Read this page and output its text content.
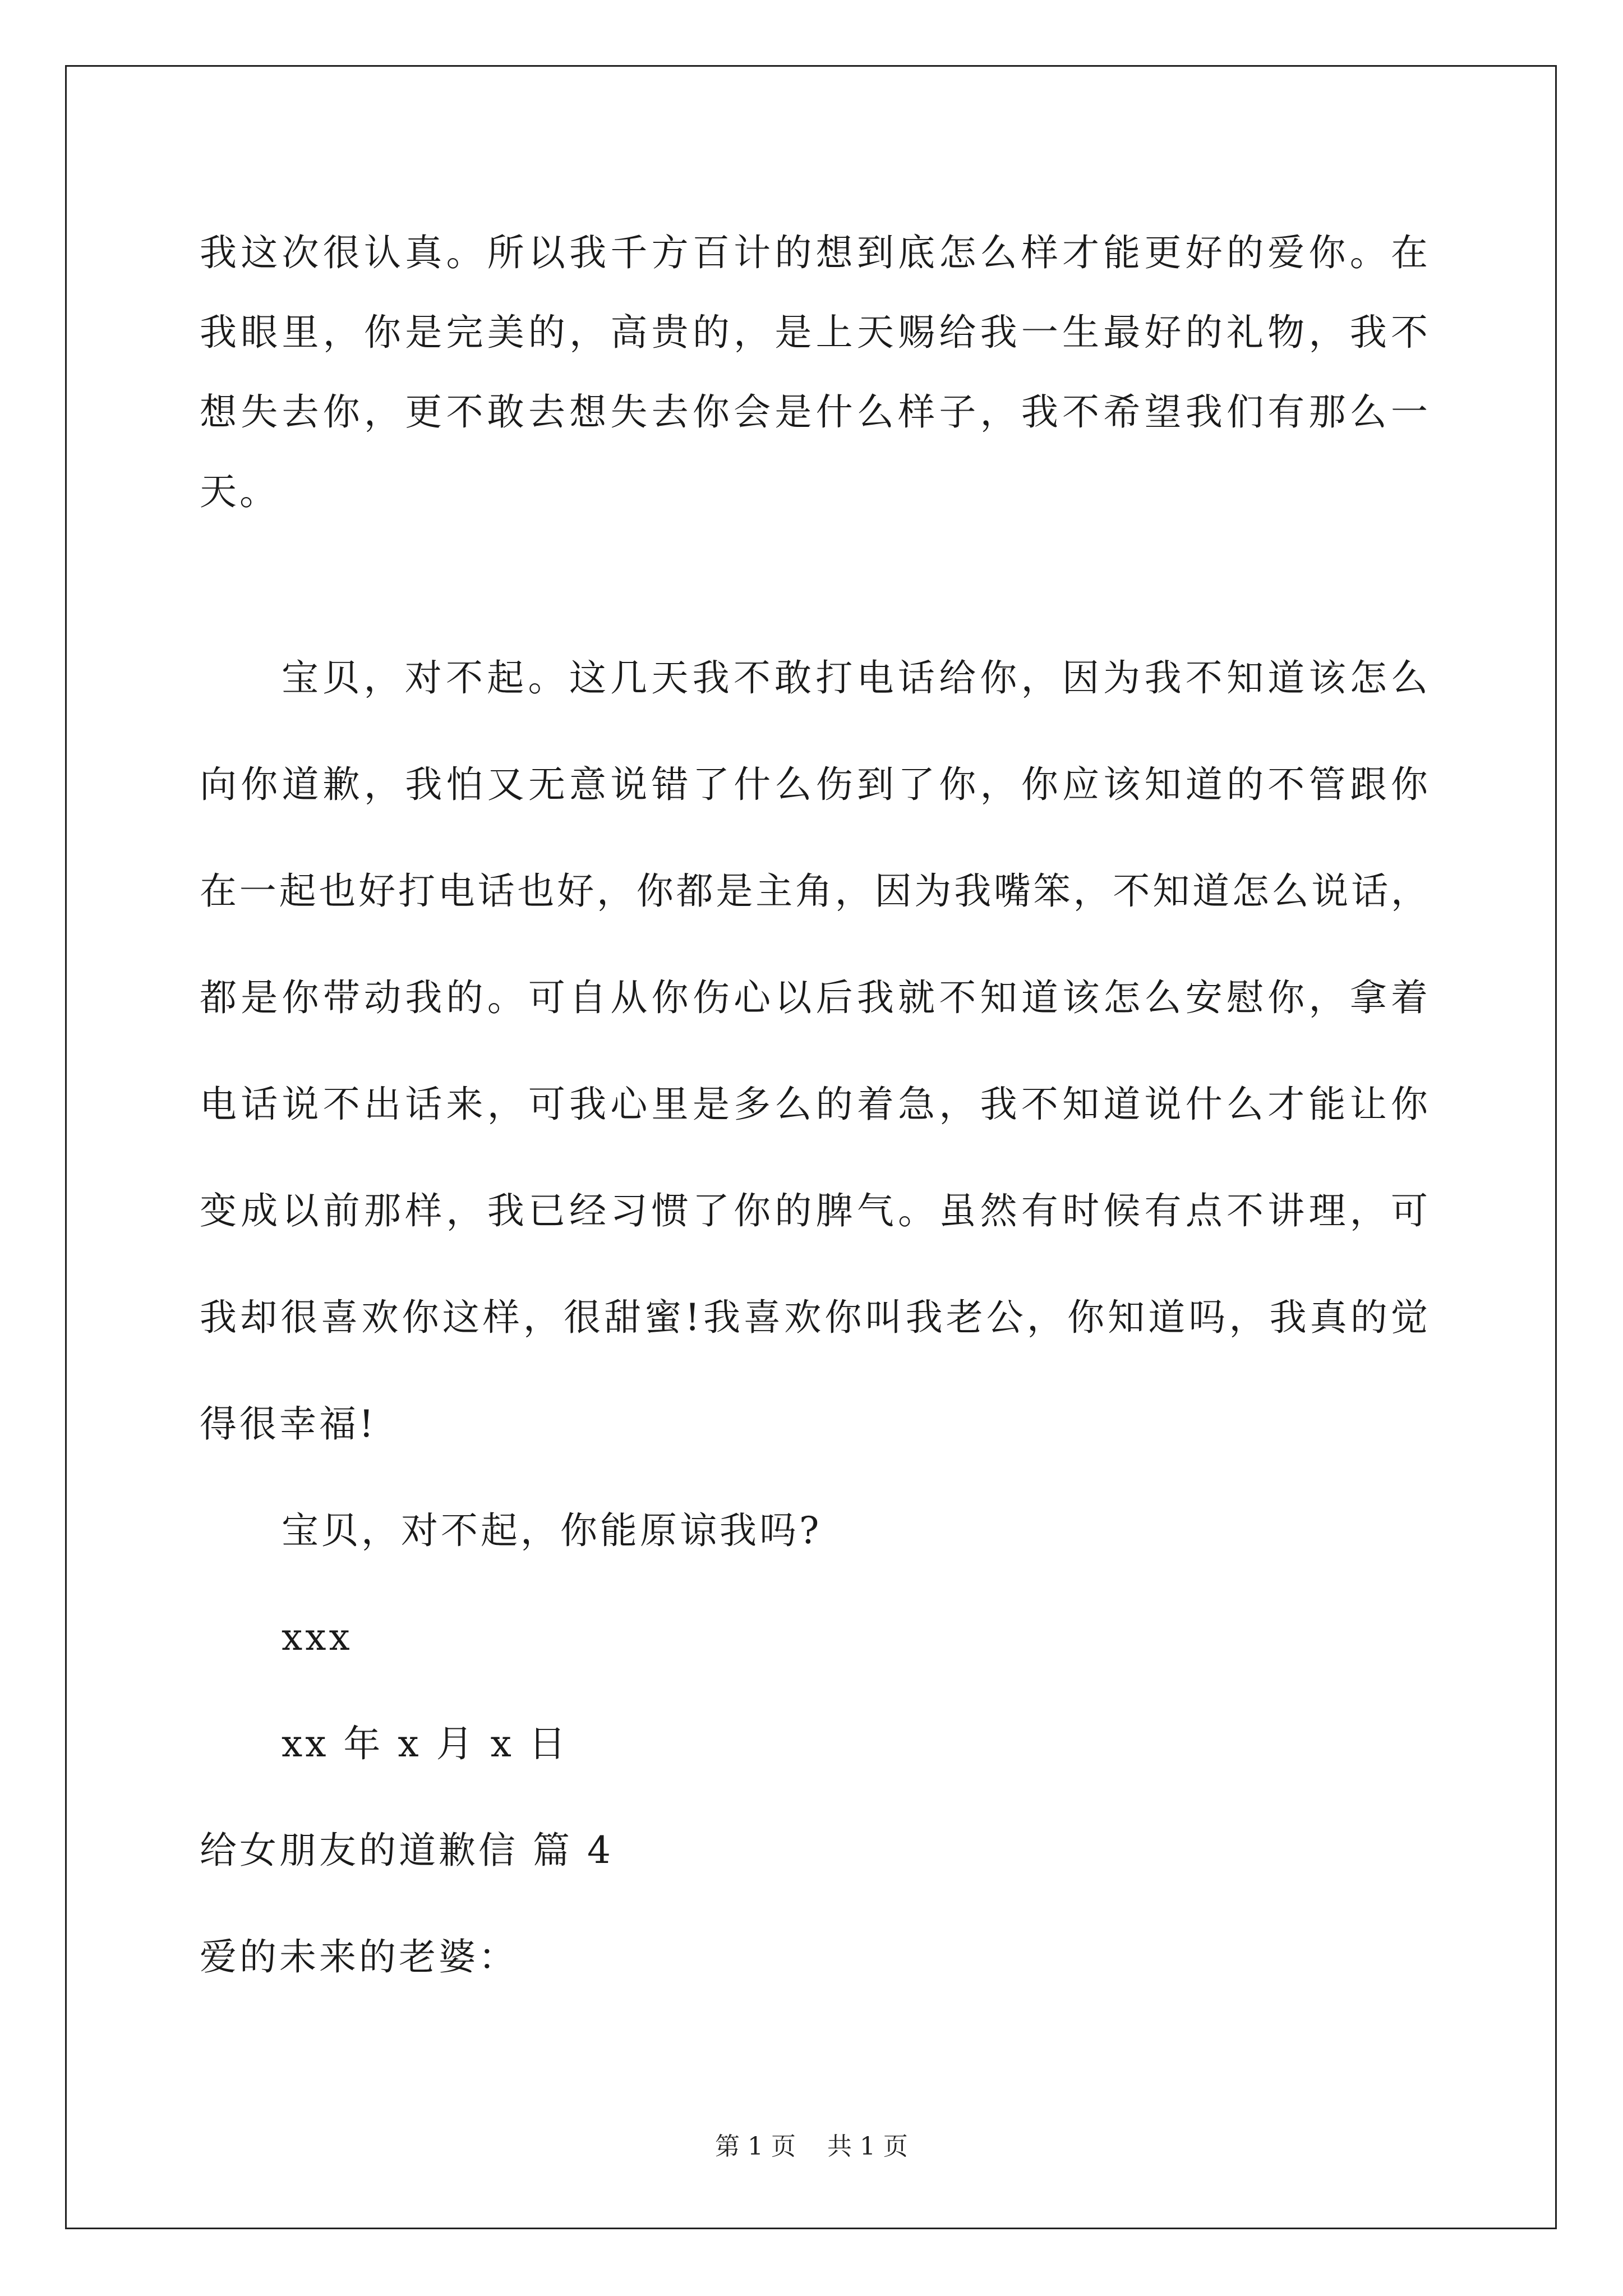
我这次很认真。所以我千方百计的想到底怎么样才能更好的爱你。在
我眼里，你是完美的，高贵的，是上天赐给我一生最好的礼物，我不
想失去你，更不敢去想失去你会是什么样子，我不希望我们有那么一
天。
宝贝，对不起。这几天我不敢打电话给你，因为我不知道该怎么
向你道歉，我怕又无意说错了什么伤到了你，你应该知道的不管跟你
在一起也好打电话也好，你都是主角，因为我嘴笨，不知道怎么说话，
都是你带动我的。可自从你伤心以后我就不知道该怎么安慰你，拿着
电话说不出话来，可我心里是多么的着急，我不知道说什么才能让你
变成以前那样，我已经习惯了你的脾气。虽然有时候有点不讲理，可
我却很喜欢你这样，很甜蜜!我喜欢你叫我老公，你知道吗，我真的觉
得很幸福!
宝贝，对不起，你能原谅我吗?
xxx
xx 年 x 月 x 日
给女朋友的道歉信 篇 4
爱的未来的老婆：
第 1 页    共 1 页
